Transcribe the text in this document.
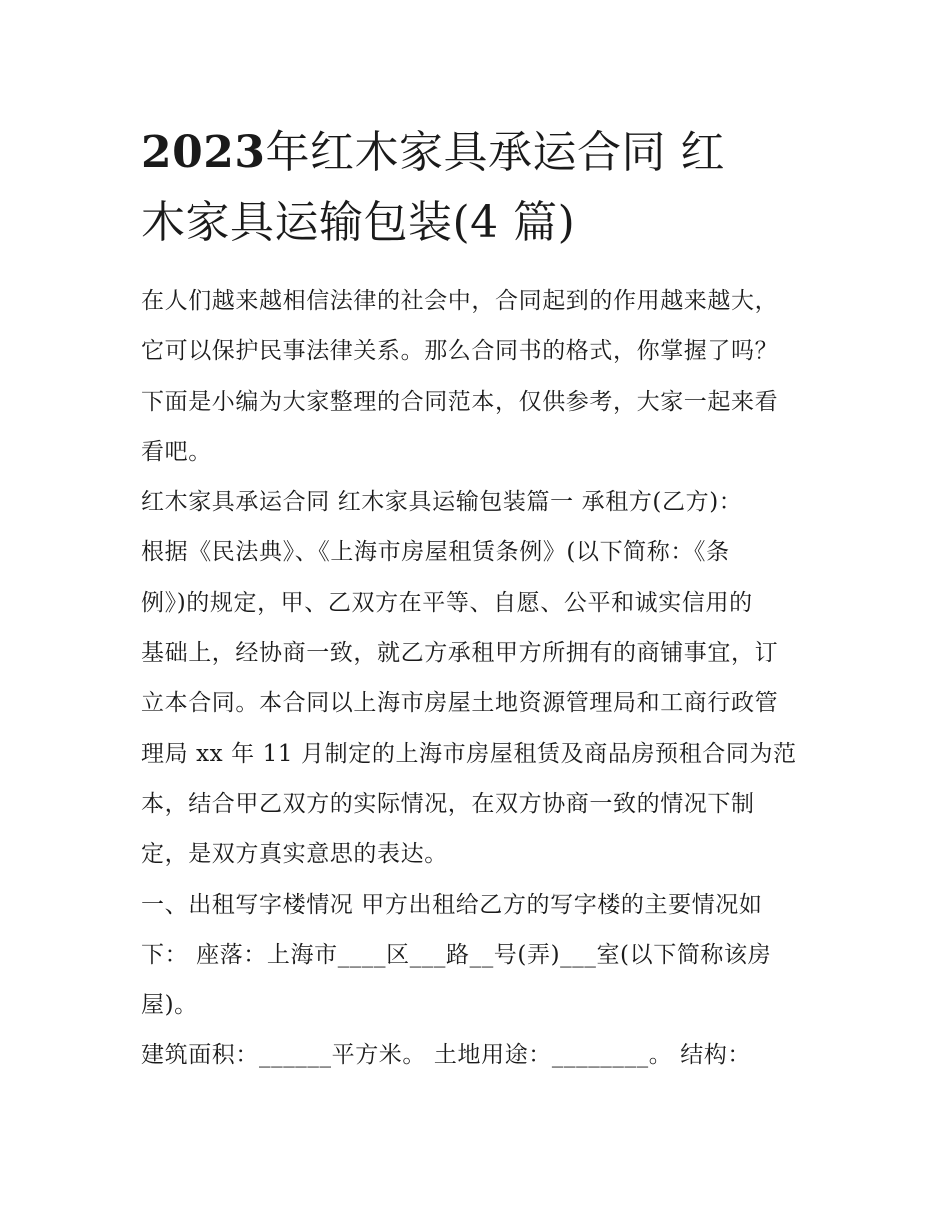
2023年红木家具承运合同 红
木家具运输包装(4 篇)
在人们越来越相信法律的社会中，合同起到的作用越来越大，
它可以保护民事法律关系。那么合同书的格式，你掌握了吗？
下面是小编为大家整理的合同范本，仅供参考，大家一起来看
看吧。
红木家具承运合同 红木家具运输包装篇一 承租方(乙方)：
根据《民法典》、《上海市房屋租赁条例》(以下简称：《条
例》)的规定，甲、乙双方在平等、自愿、公平和诚实信用的
基础上，经协商一致，就乙方承租甲方所拥有的商铺事宜，订
立本合同。本合同以上海市房屋土地资源管理局和工商行政管
理局 xx 年 11 月制定的上海市房屋租赁及商品房预租合同为范
本，结合甲乙双方的实际情况，在双方协商一致的情况下制
定，是双方真实意思的表达。
一、出租写字楼情况 甲方出租给乙方的写字楼的主要情况如
下： 座落：上海市____区___路__号(弄)___室(以下简称该房
屋)。
建筑面积：______平方米。 土地用途：________。 结构：
